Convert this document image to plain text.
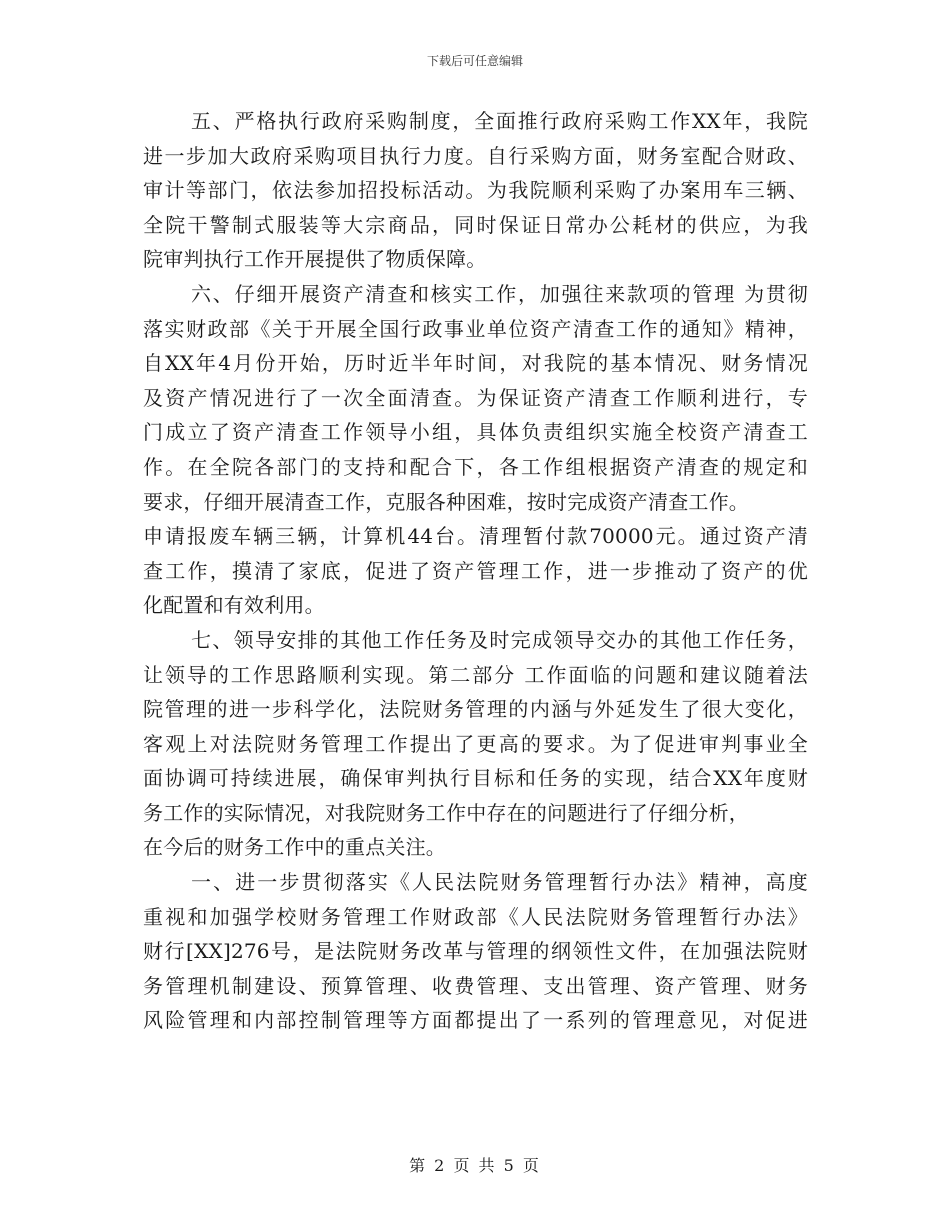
下载后可任意编辑
五、严格执行政府采购制度，全面推行政府采购工作XX年，我院
进一步加大政府采购项目执行力度。自行采购方面，财务室配合财政、
审计等部门，依法参加招投标活动。为我院顺利采购了办案用车三辆、
全院干警制式服装等大宗商品，同时保证日常办公耗材的供应，为我
院审判执行工作开展提供了物质保障。
六、仔细开展资产清查和核实工作，加强往来款项的管理 为贯彻
落实财政部《关于开展全国行政事业单位资产清查工作的通知》精神，
自XX年4月份开始，历时近半年时间，对我院的基本情况、财务情况
及资产情况进行了一次全面清查。为保证资产清查工作顺利进行，专
门成立了资产清查工作领导小组，具体负责组织实施全校资产清查工
作。在全院各部门的支持和配合下，各工作组根据资产清查的规定和
要求，仔细开展清查工作，克服各种困难，按时完成资产清查工作。
申请报废车辆三辆，计算机44台。清理暂付款70000元。通过资产清
查工作，摸清了家底，促进了资产管理工作，进一步推动了资产的优
化配置和有效利用。
七、领导安排的其他工作任务及时完成领导交办的其他工作任务，
让领导的工作思路顺利实现。第二部分 工作面临的问题和建议随着法
院管理的进一步科学化，法院财务管理的内涵与外延发生了很大变化，
客观上对法院财务管理工作提出了更高的要求。为了促进审判事业全
面协调可持续进展，确保审判执行目标和任务的实现，结合XX年度财
务工作的实际情况，对我院财务工作中存在的问题进行了仔细分析，
在今后的财务工作中的重点关注。
一、进一步贯彻落实《人民法院财务管理暂行办法》精神，高度
重视和加强学校财务管理工作财政部《人民法院财务管理暂行办法》
财行[XX]276号，是法院财务改革与管理的纲领性文件，在加强法院财
务管理机制建设、预算管理、收费管理、支出管理、资产管理、财务
风险管理和内部控制管理等方面都提出了一系列的管理意见，对促进
第 2 页 共 5 页
